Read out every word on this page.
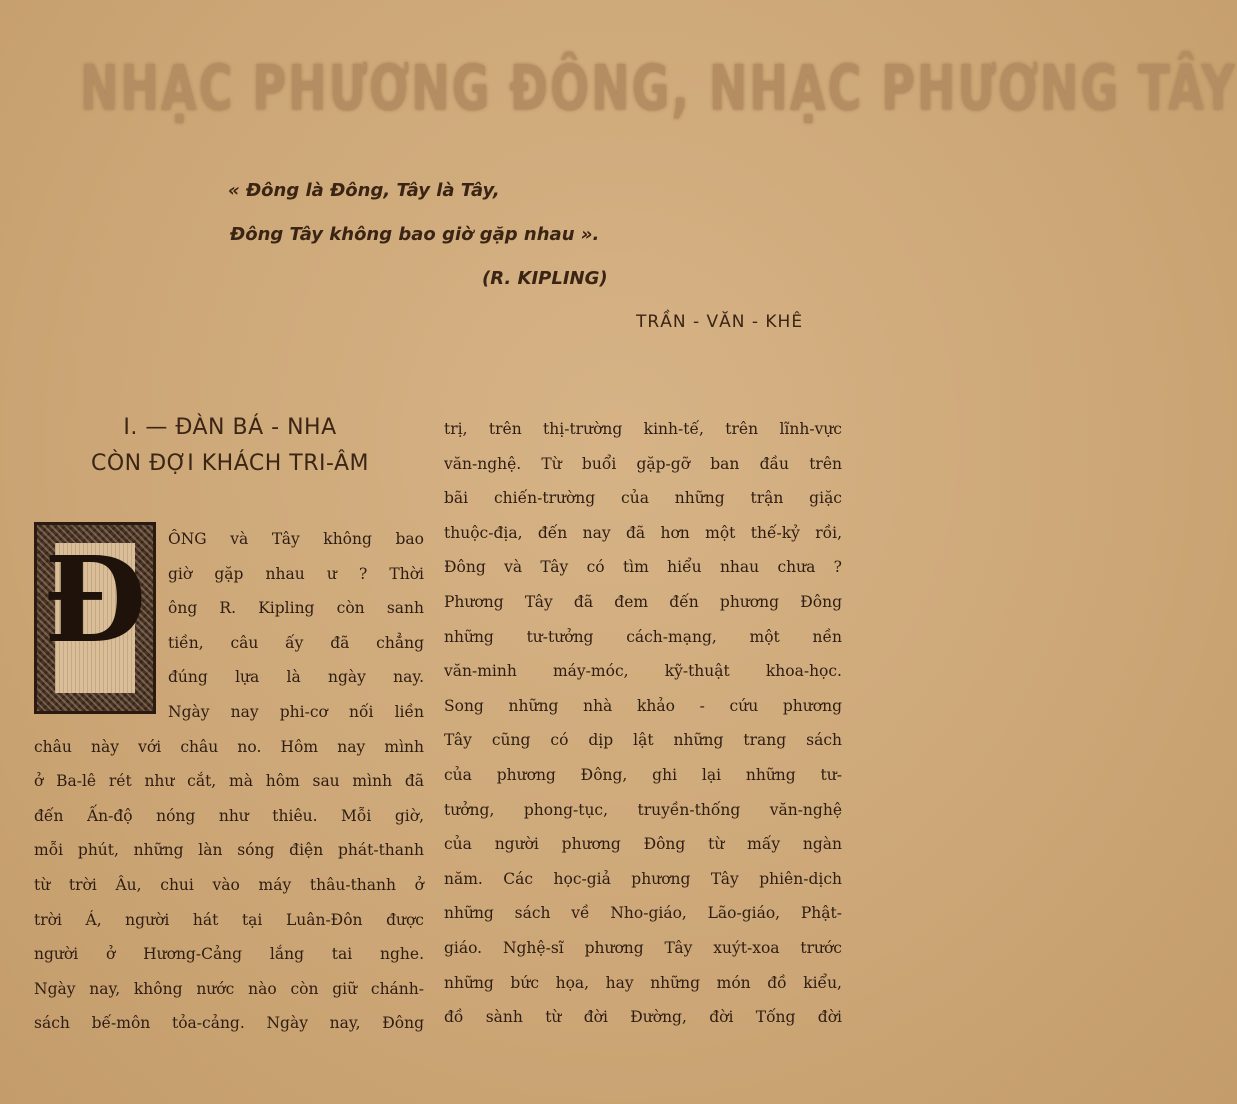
NHẠC PHƯƠNG ĐÔNG, NHẠC PHƯƠNG TÂY
« Đông là Đông, Tây là Tây,
Đông Tây không bao giờ gặp nhau ».
(R. KIPLING)
TRẦN - VĂN - KHÊ
I. — ĐÀN BÁ - NHA
CÒN ĐỢI KHÁCH TRI-ÂM
Đ	ÔNG và Tây không bao
giờ gặp nhau ư ? Thời
ông R. Kipling còn sanh
tiền, câu ấy đã chẳng
đúng lựa là ngày nay.
Ngày nay phi-cơ nối liền
châu này với châu no. Hôm nay mình
ở Ba-lê rét như cắt, mà hôm sau mình đã
đến Ấn-độ nóng như thiêu. Mỗi giờ,
mỗi phút, những làn sóng điện phát-thanh
từ trời Âu, chui vào máy thâu-thanh ở
trời Á, người hát tại Luân-Đôn được
người ở Hương-Cảng lắng tai nghe.
Ngày nay, không nước nào còn giữ chánh-
sách bế-môn tỏa-cảng. Ngày nay, Đông
trị, trên thị-trường kinh-tế, trên lĩnh-vực
văn-nghệ. Từ buổi gặp-gỡ ban đầu trên
bãi chiến-trường của những trận giặc
thuộc-địa, đến nay đã hơn một thế-kỷ rồi,
Đông và Tây có tìm hiểu nhau chưa ?
Phương Tây đã đem đến phương Đông
những tư-tưởng cách-mạng, một nền
văn-minh máy-móc, kỹ-thuật khoa-học.
Song những nhà khảo - cứu phương
Tây cũng có dịp lật những trang sách
của phương Đông, ghi lại những tư-
tưởng, phong-tục, truyền-thống văn-nghệ
của người phương Đông từ mấy ngàn
năm. Các học-giả phương Tây phiên-dịch
những sách về Nho-giáo, Lão-giáo, Phật-
giáo. Nghệ-sĩ phương Tây xuýt-xoa trước
những bức họa, hay những món đồ kiểu,
đồ sành từ đời Đường, đời Tống đời
